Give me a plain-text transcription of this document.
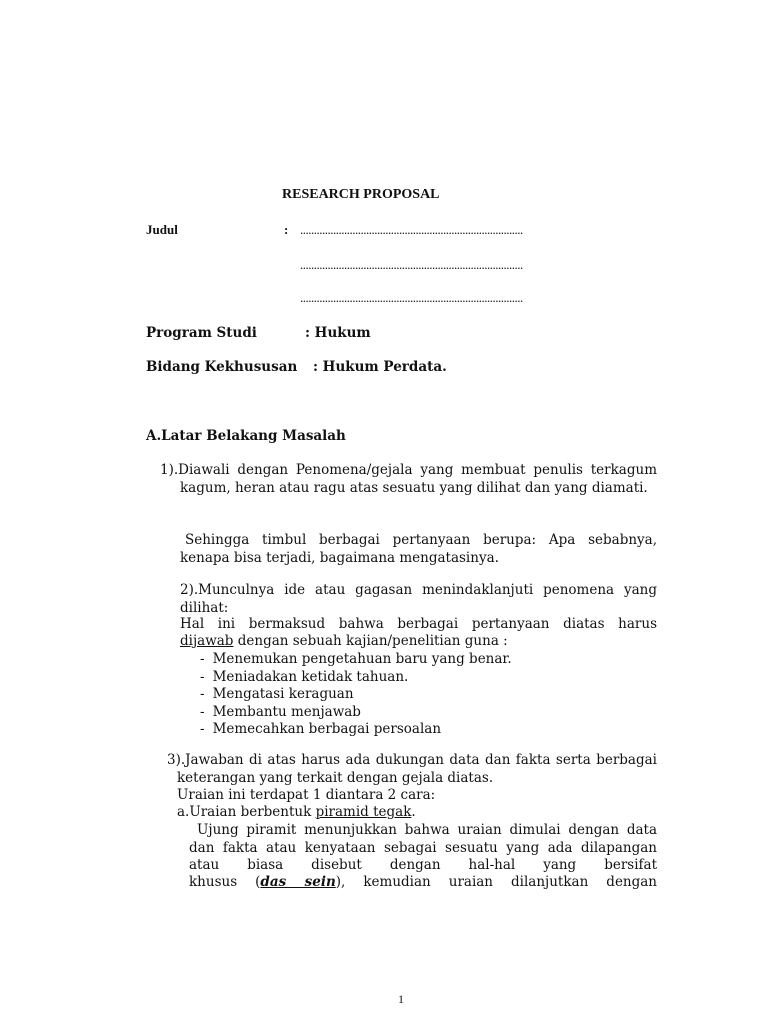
RESEARCH PROPOSAL
Judul	: .................................................................................
.................................................................................
.................................................................................
Program Studi	: Hukum
Bidang Kekhususan : Hukum Perdata.
A.Latar Belakang Masalah
1).Diawali dengan Penomena/gejala yang membuat penulis terkagum kagum, heran atau ragu atas sesuatu yang dilihat dan yang diamati.
Sehingga timbul berbagai pertanyaan berupa: Apa sebabnya, kenapa bisa terjadi, bagaimana mengatasinya.
2).Munculnya ide atau gagasan menindaklanjuti penomena yang dilihat:
Hal ini bermaksud bahwa berbagai pertanyaan diatas harus
dijawab dengan sebuah kajian/penelitian guna :
- Menemukan pengetahuan baru yang benar.
- Meniadakan ketidak tahuan.
- Mengatasi keraguan
- Membantu menjawab
- Memecahkan berbagai persoalan
3).Jawaban di atas harus ada dukungan data dan fakta serta berbagai keterangan yang terkait dengan gejala diatas.
Uraian ini terdapat 1 diantara 2 cara:
a.Uraian berbentuk piramid tegak.
Ujung piramit menunjukkan bahwa uraian dimulai dengan data dan fakta atau kenyataan sebagai sesuatu yang ada dilapangan atau biasa disebut dengan hal-hal yang bersifat
khusus (das sein), kemudian uraian dilanjutkan dengan
1
